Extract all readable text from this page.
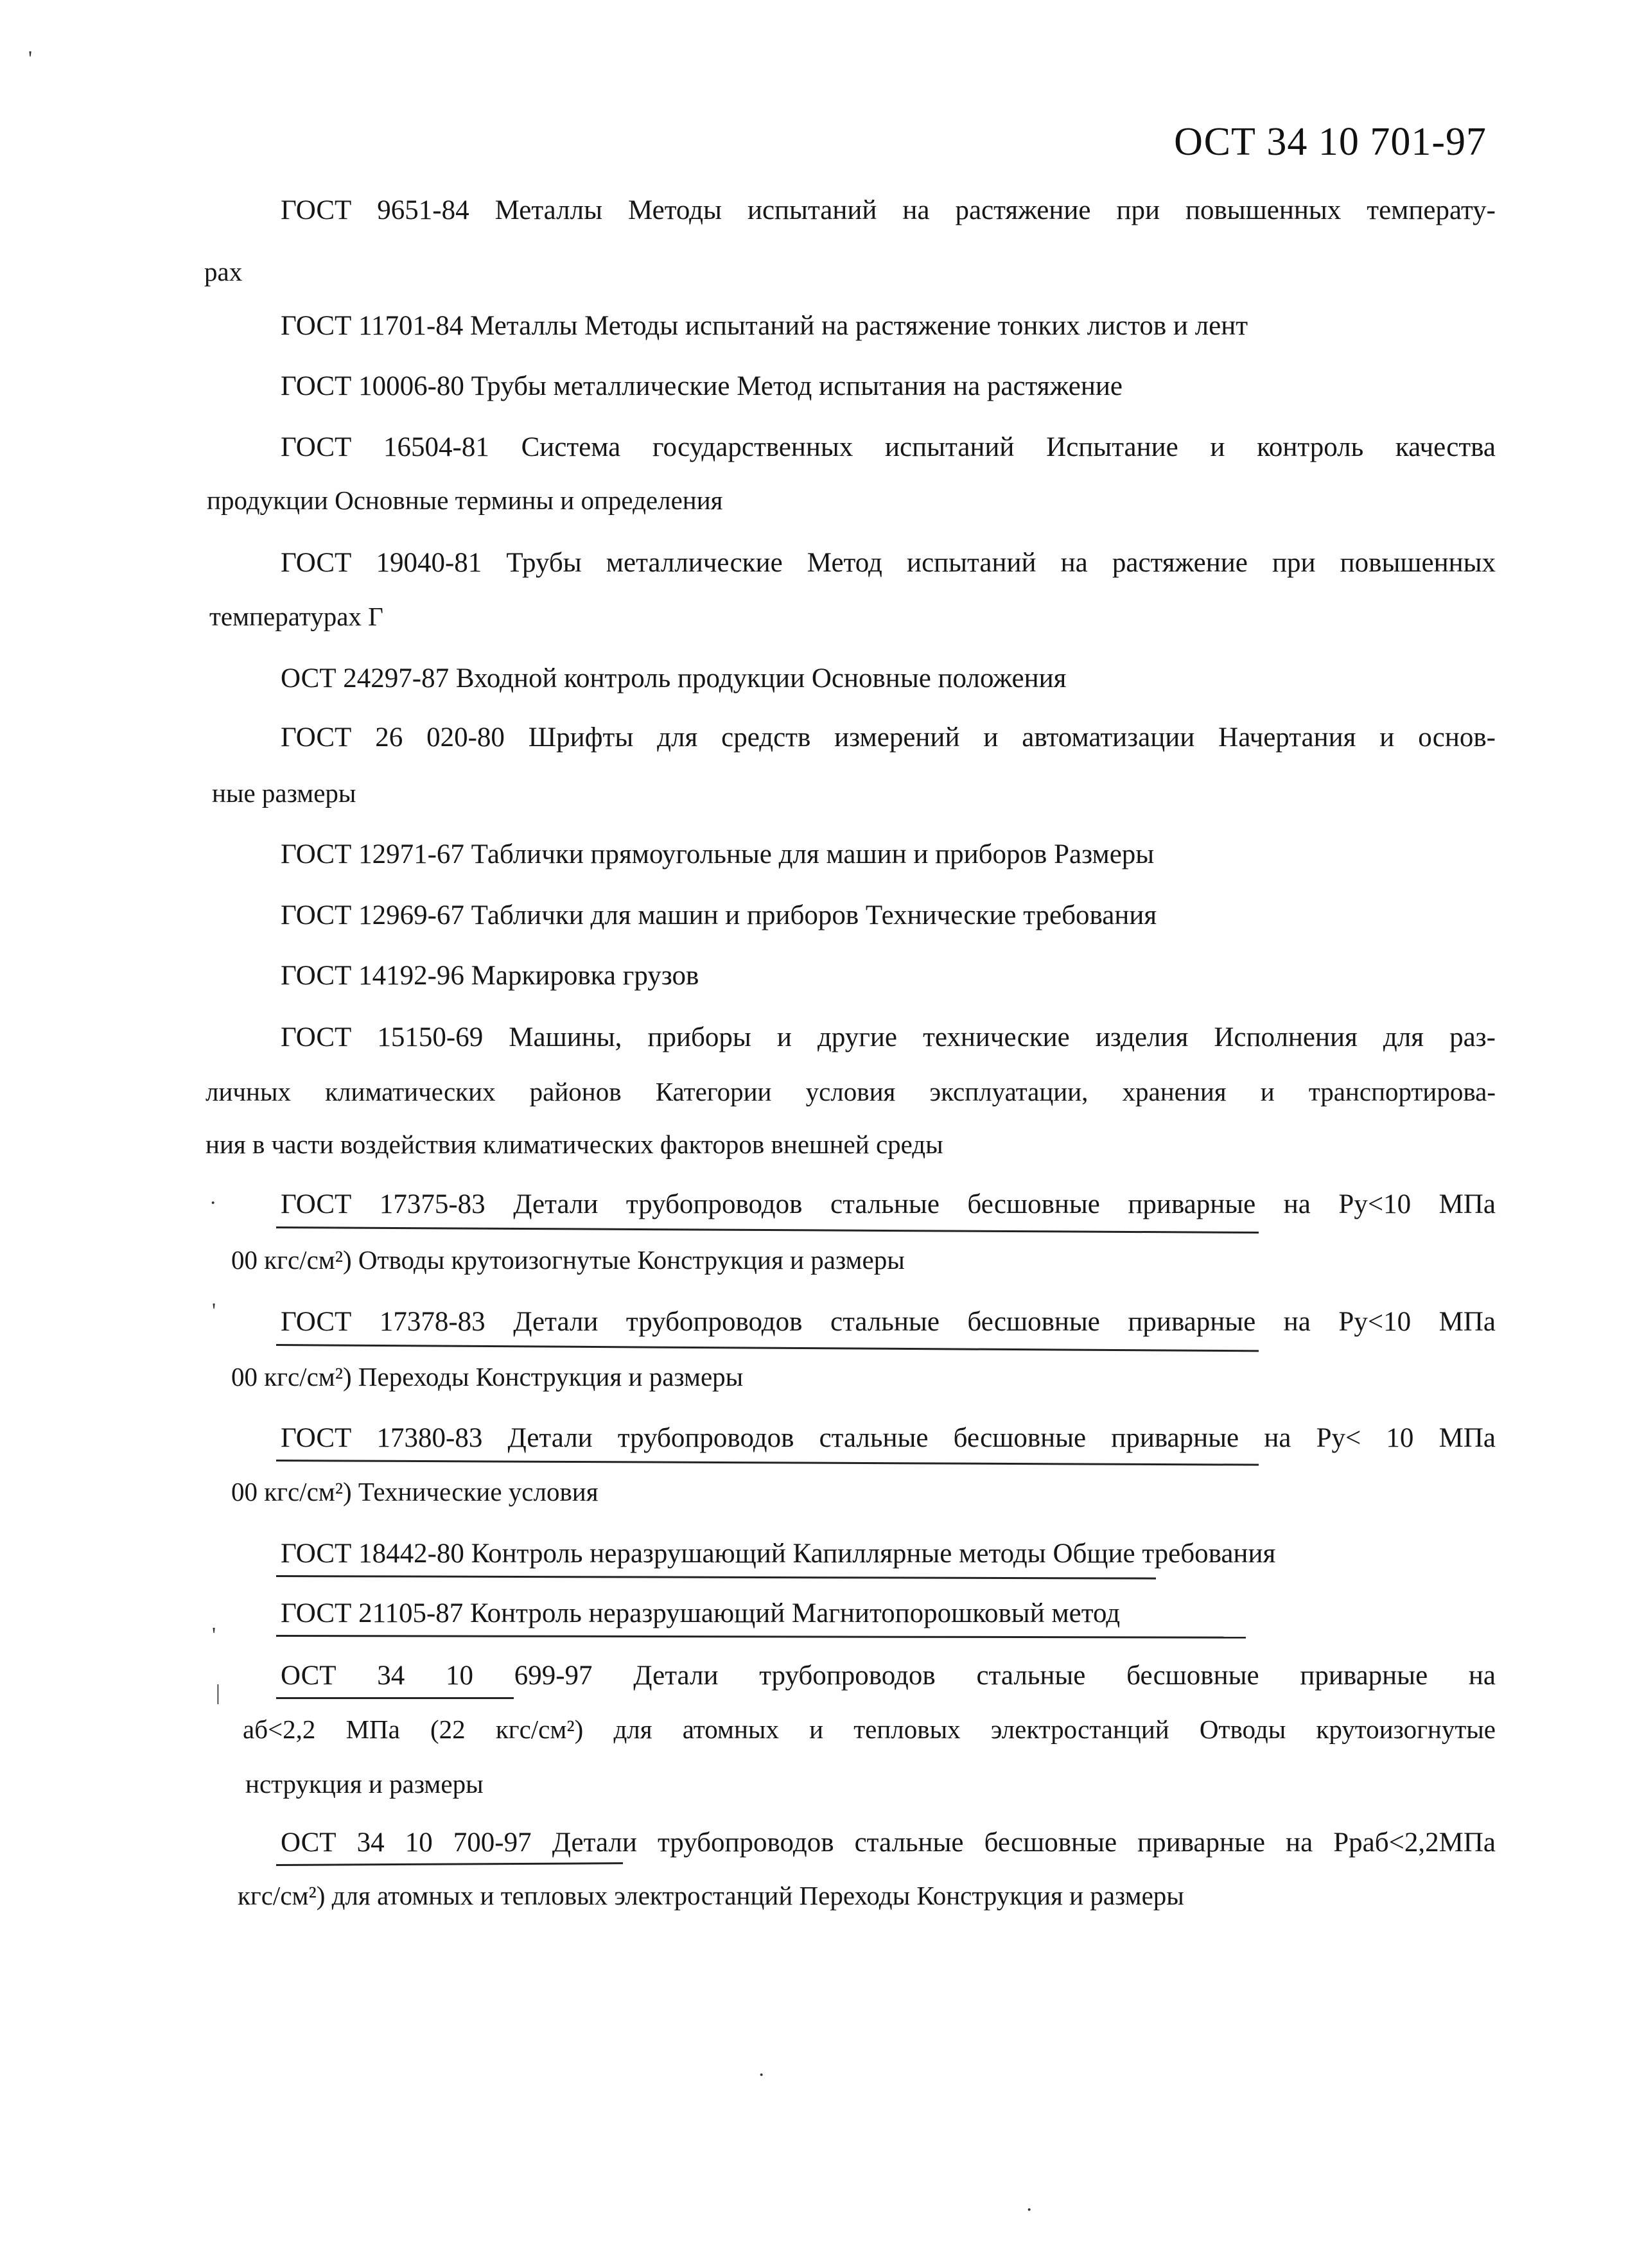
ОСТ 34 10 701-97
ГОСТ 9651-84 Металлы Методы испытаний на растяжение при повышенных температу-
рах
ГОСТ 11701-84 Металлы Методы испытаний на растяжение тонких листов и лент
ГОСТ 10006-80 Трубы металлические Метод испытания на растяжение
ГОСТ 16504-81 Система государственных испытаний Испытание и контроль качества
продукции Основные термины и определения
ГОСТ 19040-81 Трубы металлические Метод испытаний на растяжение при повышенных
температурах Г
ОСТ 24297-87 Входной контроль продукции Основные положения
ГОСТ 26 020-80 Шрифты для средств измерений и автоматизации Начертания и основ-
ные размеры
ГОСТ 12971-67 Таблички прямоугольные для машин и приборов Размеры
ГОСТ 12969-67 Таблички для машин и приборов Технические требования
ГОСТ 14192-96 Маркировка грузов
ГОСТ 15150-69 Машины, приборы и другие технические изделия Исполнения для раз-
личных климатических районов Категории условия эксплуатации, хранения и транспортирова-
ния в части воздействия климатических факторов внешней среды
ГОСТ 17375-83 Детали трубопроводов стальные бесшовные приварные на Ру<10 МПа
00 кгс/см²) Отводы крутоизогнутые Конструкция и размеры
ГОСТ 17378-83 Детали трубопроводов стальные бесшовные приварные на Ру<10 МПа
00 кгс/см²) Переходы Конструкция и размеры
ГОСТ 17380-83 Детали трубопроводов стальные бесшовные приварные на Ру< 10 МПа
00 кгс/см²) Технические условия
ГОСТ 18442-80 Контроль неразрушающий Капиллярные методы Общие требования
ГОСТ 21105-87 Контроль неразрушающий Магнитопорошковый метод
ОСТ 34 10 699-97 Детали трубопроводов стальные бесшовные приварные на
аб<2,2 МПа (22 кгс/см²) для атомных и тепловых электростанций Отводы крутоизогнутые
нструкция и размеры
ОСТ 34 10 700-97 Детали трубопроводов стальные бесшовные приварные на Рраб<2,2МПа
кгс/см²) для атомных и тепловых электростанций Переходы Конструкция и размеры
'
·
'
'
|
·
·
